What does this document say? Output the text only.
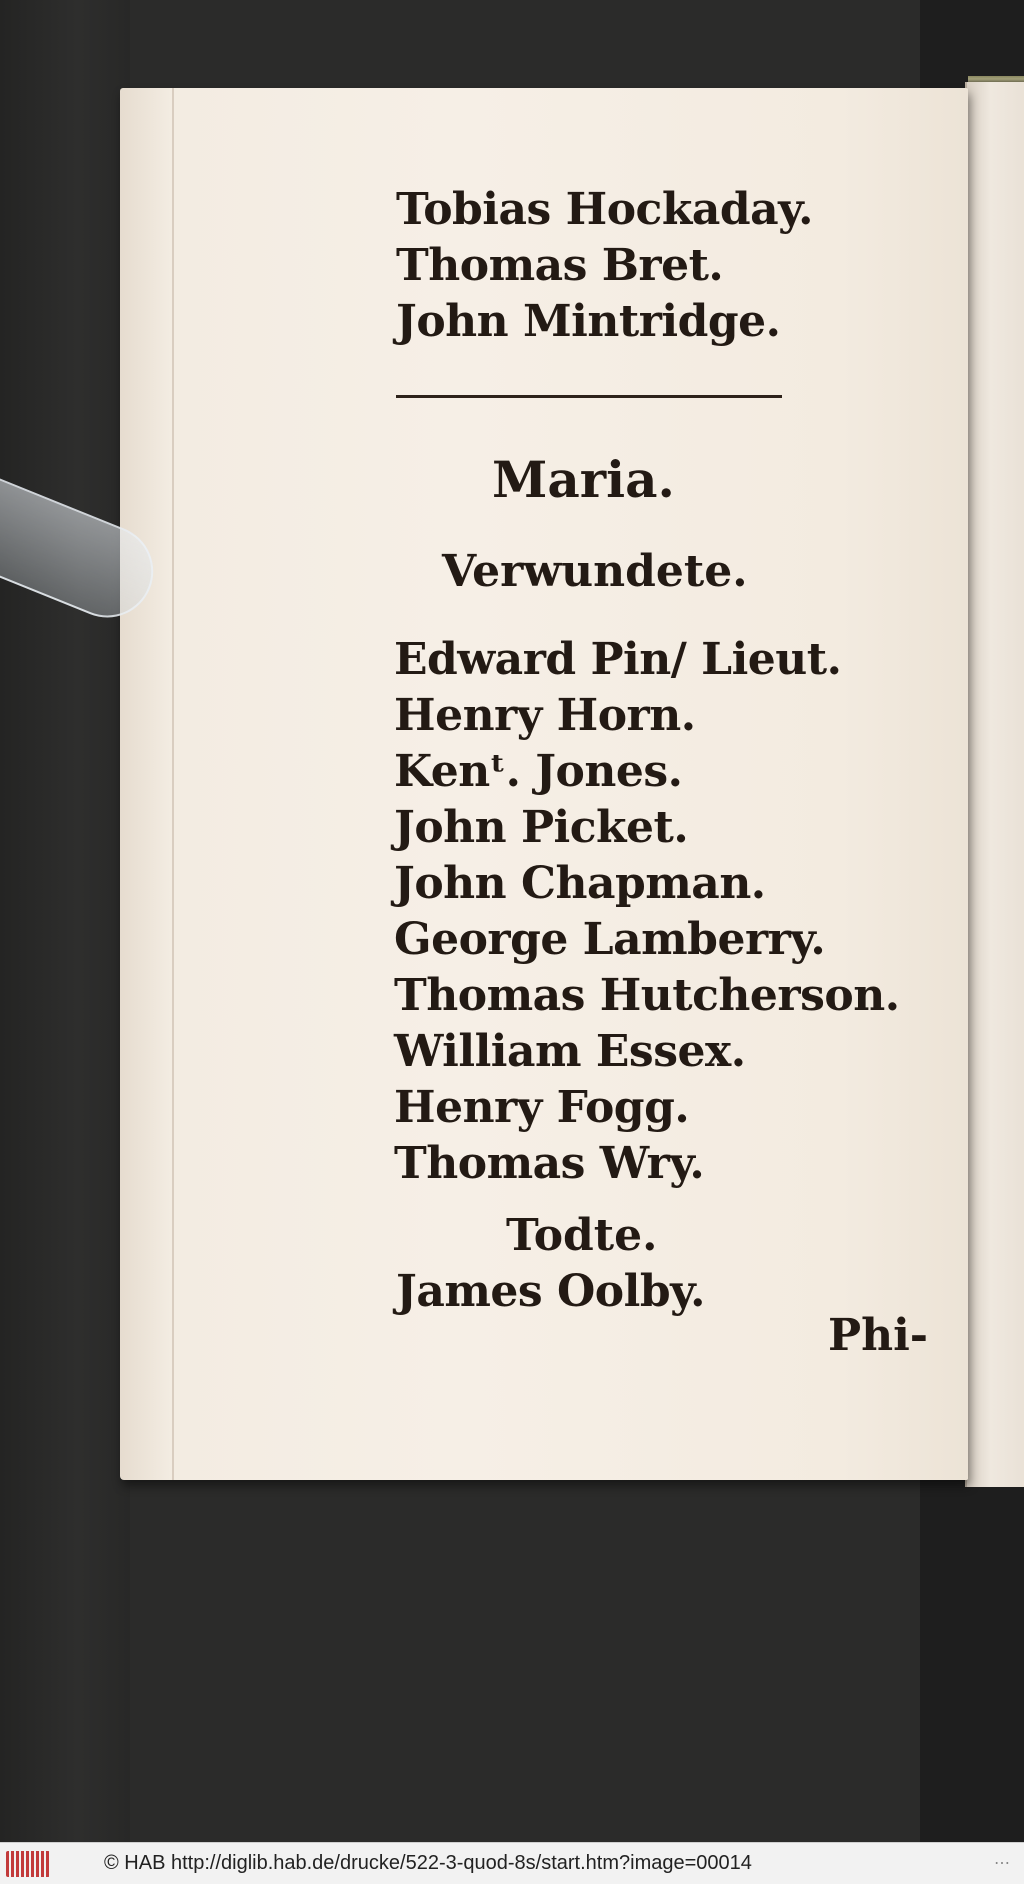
Tobias Hockaday.
Thomas Bret.
John Mintridge.
Maria.
Verwundete.
Edward Pin/ Lieut.
Henry Horn.
Kenᵗ. Jones.
John Picket.
John Chapman.
George Lamberry.
Thomas Hutcherson.
William Essex.
Henry Fogg.
Thomas Wry.
Todte.
James Oolby.
Phi-
© HAB http://diglib.hab.de/drucke/522-3-quod-8s/start.htm?image=00014	⋯
